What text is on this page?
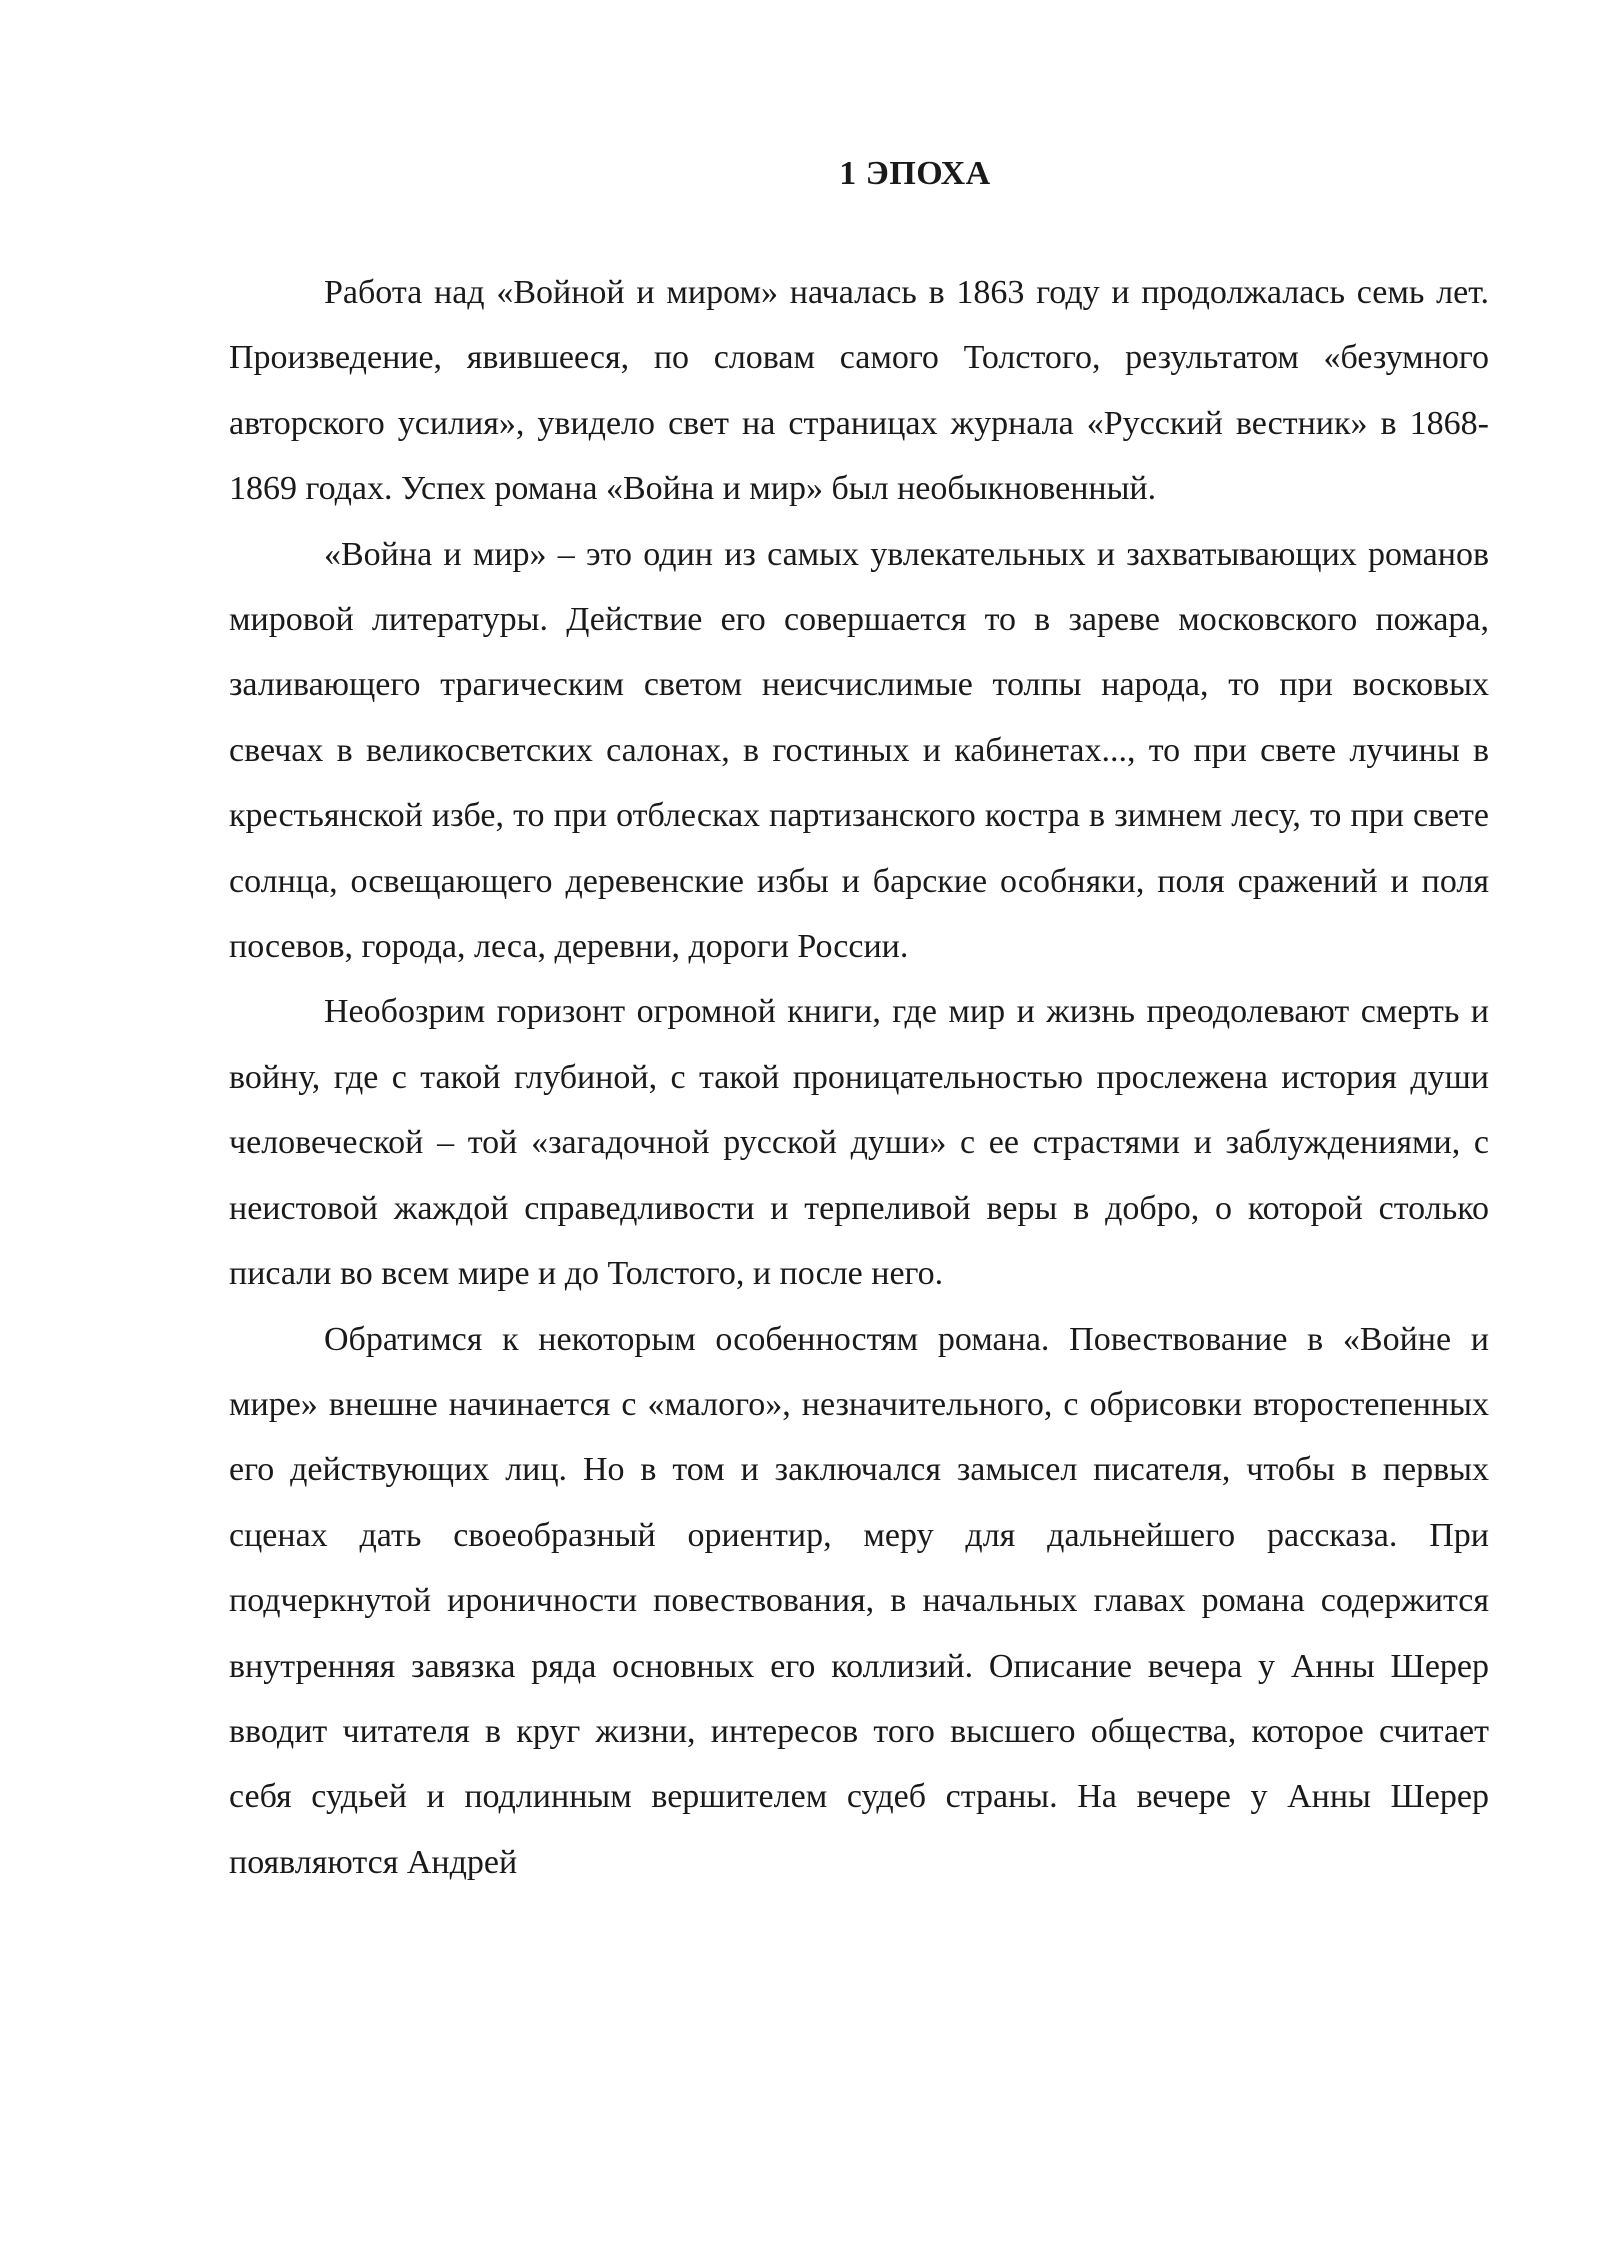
1 ЭПОХА

Работа над «Войной и миром» началась в 1863 году и продолжалась семь лет. Произведение, явившееся, по словам самого Толстого, результатом «безумного авторского усилия», увидело свет на страницах журнала «Русский вестник» в 1868-1869 годах. Успех романа «Война и мир» был необыкновенный.

«Война и мир» – это один из самых увлекательных и захватывающих романов мировой литературы. Действие его совершается то в зареве московского пожара, заливающего трагическим светом неисчислимые толпы народа, то при восковых свечах в великосветских салонах, в гостиных и кабинетах..., то при свете лучины в крестьянской избе, то при отблесках партизанского костра в зимнем лесу, то при свете солнца, освещающего деревенские избы и барские особняки, поля сражений и поля посевов, города, леса, деревни, дороги России.

Необозрим горизонт огромной книги, где мир и жизнь преодолевают смерть и войну, где с такой глубиной, с такой проницательностью прослежена история души человеческой – той «загадочной русской души» с ее страстями и заблуждениями, с неистовой жаждой справедливости и терпеливой веры в добро, о которой столько писали во всем мире и до Толстого, и после него.

Обратимся к некоторым особенностям романа. Повествование в «Войне и мире» внешне начинается с «малого», незначительного, с обрисовки второстепенных его действующих лиц. Но в том и заключался замысел писателя, чтобы в первых сценах дать своеобразный ориентир, меру для дальнейшего рассказа. При подчеркнутой ироничности повествования, в начальных главах романа содержится внутренняя завязка ряда основных его коллизий. Описание вечера у Анны Шерер вводит читателя в круг жизни, интересов того высшего общества, которое считает себя судьей и подлинным вершителем судеб страны. На вечере у Анны Шерер появляются Андрей
